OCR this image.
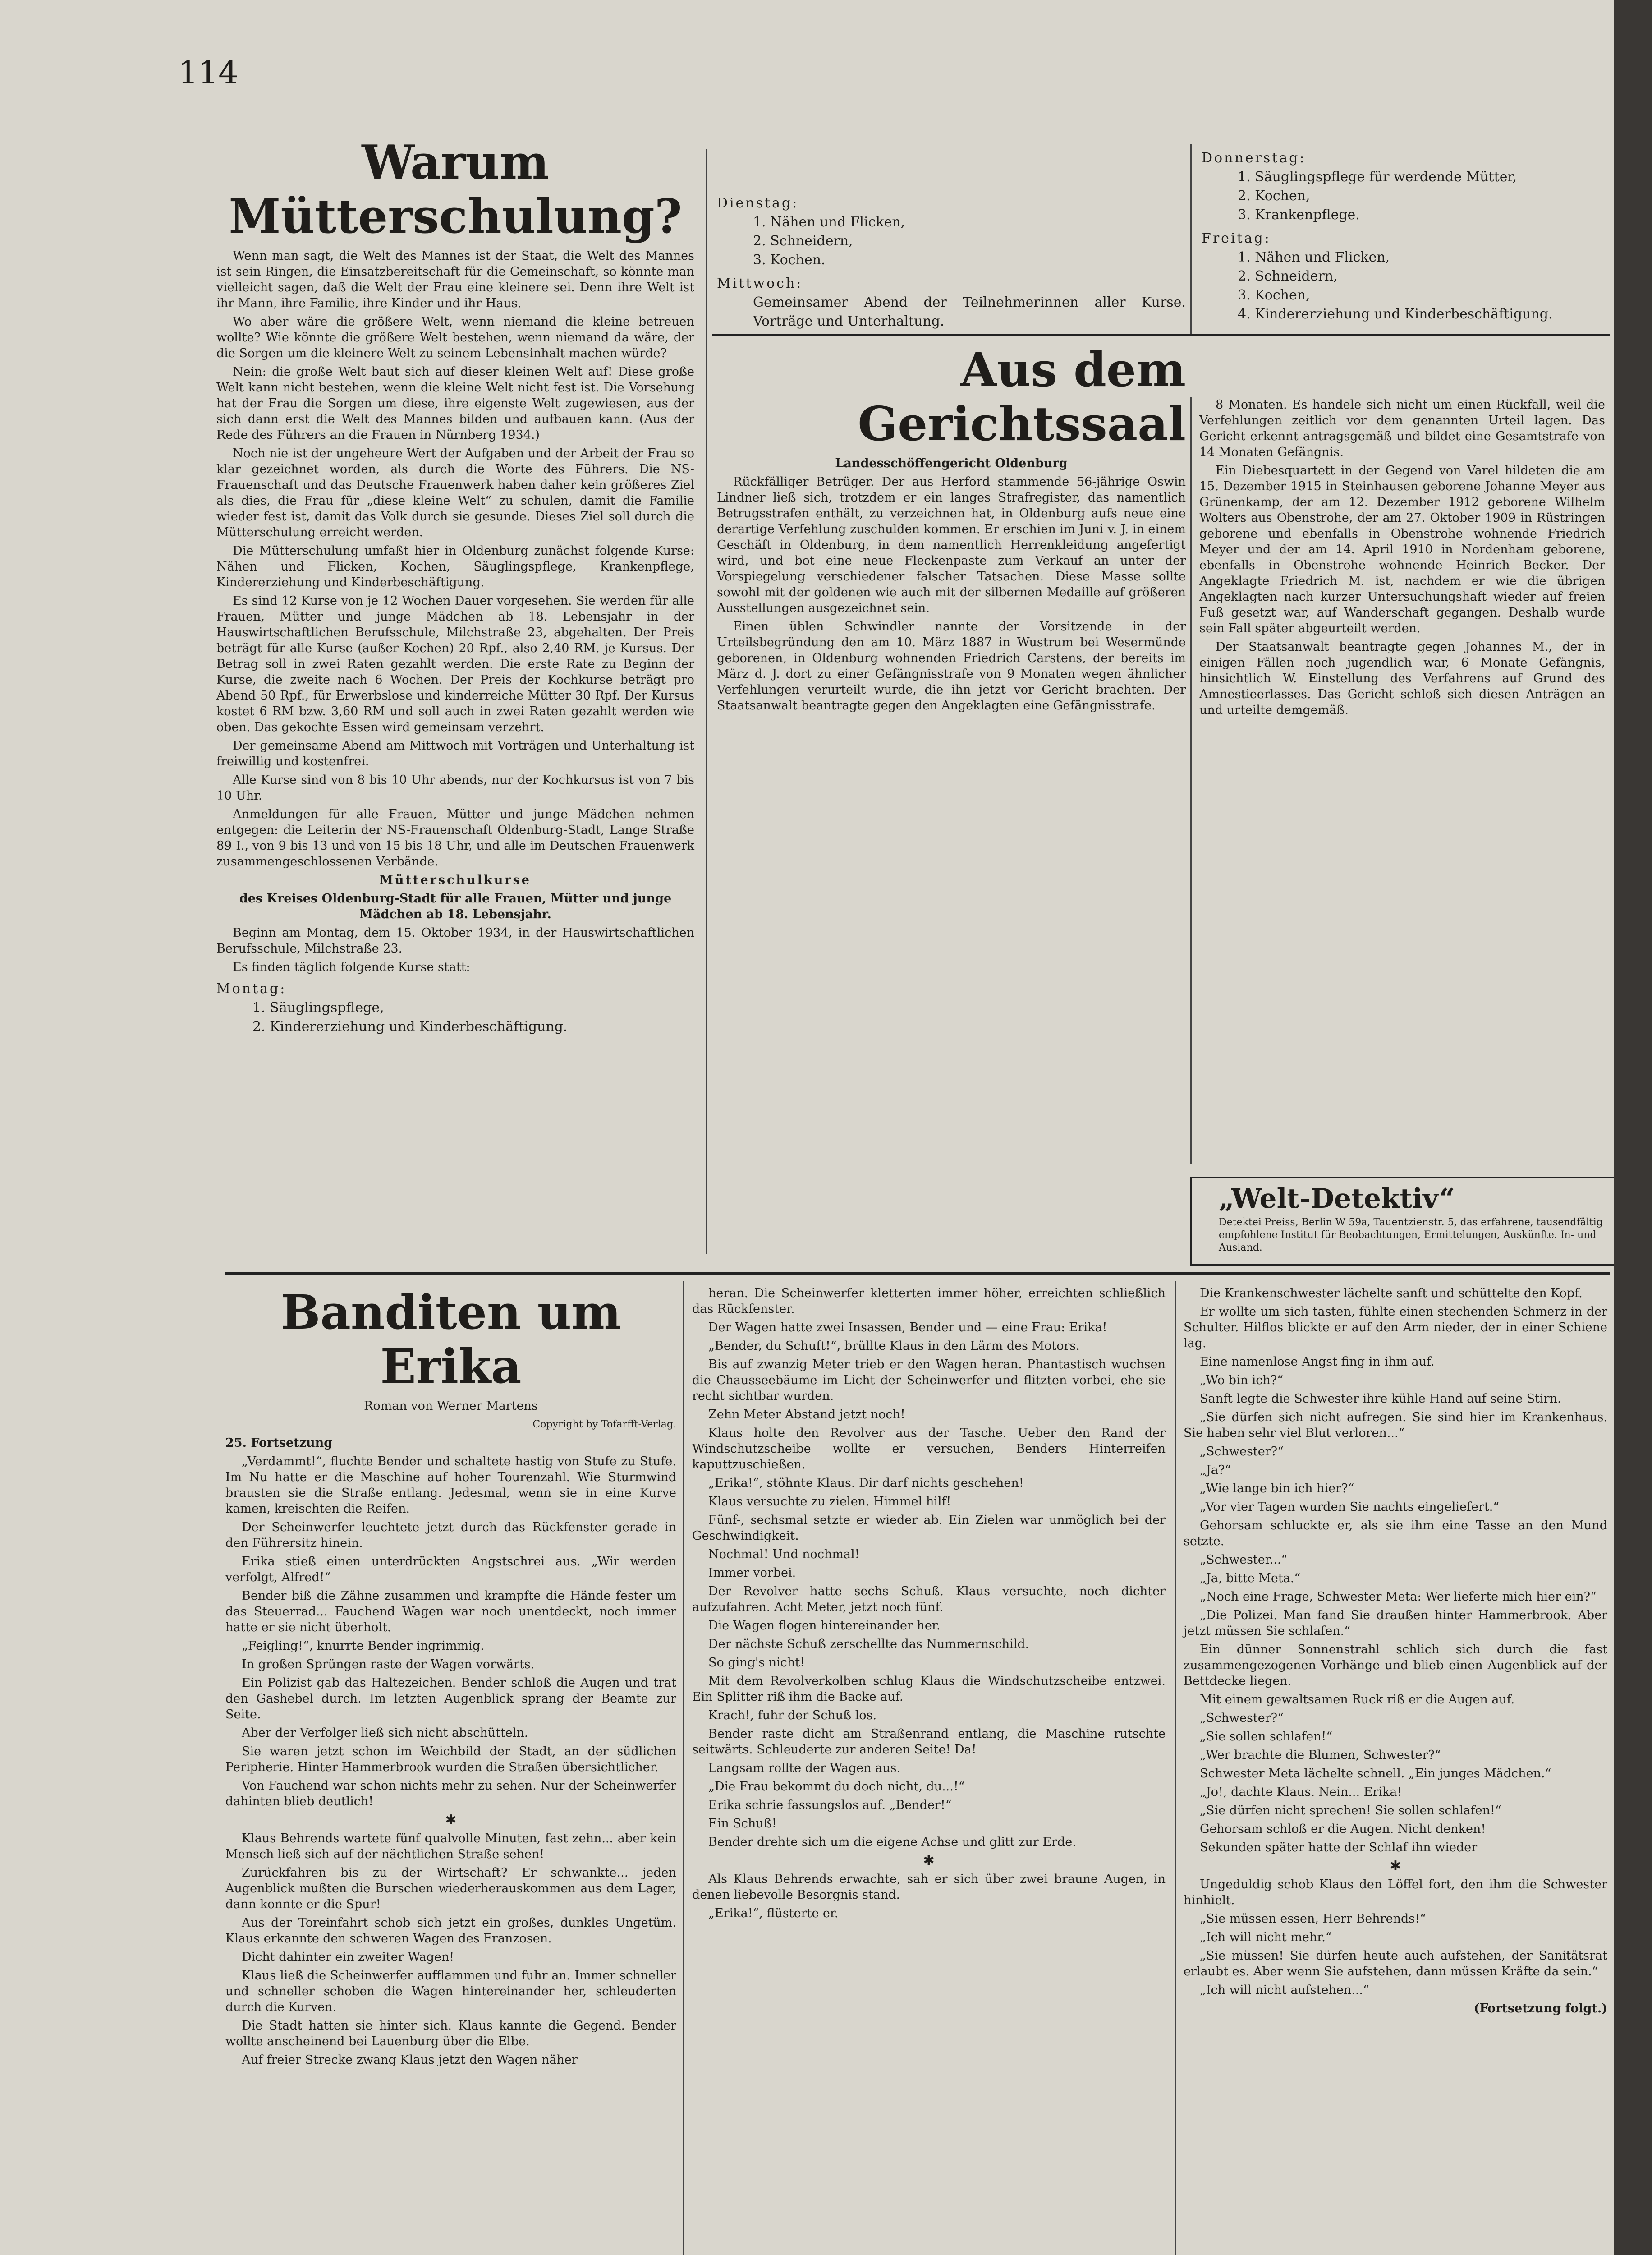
114
Warum Mütterschulung?

Wenn man sagt, die Welt des Mannes ist der Staat, die Welt des Mannes ist sein Ringen, die Einsatzbereitschaft für die Gemeinschaft, so könnte man vielleicht sagen, daß die Welt der Frau eine kleinere sei. Denn ihre Welt ist ihr Mann, ihre Familie, ihre Kinder und ihr Haus.

Wo aber wäre die größere Welt, wenn niemand die kleine betreuen wollte? Wie könnte die größere Welt bestehen, wenn niemand da wäre, der die Sorgen um die kleinere Welt zu seinem Lebensinhalt machen würde?

Nein: die große Welt baut sich auf dieser kleinen Welt auf! Diese große Welt kann nicht bestehen, wenn die kleine Welt nicht fest ist. Die Vorsehung hat der Frau die Sorgen um diese, ihre eigenste Welt zugewiesen, aus der sich dann erst die Welt des Mannes bilden und aufbauen kann. (Aus der Rede des Führers an die Frauen in Nürnberg 1934.)

Noch nie ist der ungeheure Wert der Aufgaben und der Arbeit der Frau so klar gezeichnet worden, als durch die Worte des Führers. Die NS-Frauenschaft und das Deutsche Frauenwerk haben daher kein größeres Ziel als dies, die Frau für „diese kleine Welt“ zu schulen, damit die Familie wieder fest ist, damit das Volk durch sie gesunde. Dieses Ziel soll durch die Mütterschulung erreicht werden.

Die Mütterschulung umfaßt hier in Oldenburg zunächst folgende Kurse: Nähen und Flicken, Kochen, Säuglingspflege, Krankenpflege, Kindererziehung und Kinderbeschäftigung.

Es sind 12 Kurse von je 12 Wochen Dauer vorgesehen. Sie werden für alle Frauen, Mütter und junge Mädchen ab 18. Lebensjahr in der Hauswirtschaftlichen Berufsschule, Milchstraße 23, abgehalten. Der Preis beträgt für alle Kurse (außer Kochen) 20 Rpf., also 2,40 RM. je Kursus. Der Betrag soll in zwei Raten gezahlt werden. Die erste Rate zu Beginn der Kurse, die zweite nach 6 Wochen. Der Preis der Kochkurse beträgt pro Abend 50 Rpf., für Erwerbslose und kinderreiche Mütter 30 Rpf. Der Kursus kostet 6 RM bzw. 3,60 RM und soll auch in zwei Raten gezahlt werden wie oben. Das gekochte Essen wird gemeinsam verzehrt.

Der gemeinsame Abend am Mittwoch mit Vorträgen und Unterhaltung ist freiwillig und kostenfrei.

Alle Kurse sind von 8 bis 10 Uhr abends, nur der Kochkursus ist von 7 bis 10 Uhr.

Anmeldungen für alle Frauen, Mütter und junge Mädchen nehmen entgegen: die Leiterin der NS-Frauenschaft Oldenburg-Stadt, Lange Straße 89 I., von 9 bis 13 und von 15 bis 18 Uhr, und alle im Deutschen Frauenwerk zusammengeschlossenen Verbände.

Mütterschulkurse

des Kreises Oldenburg-Stadt für alle Frauen, Mütter und junge Mädchen ab 18. Lebensjahr.

Beginn am Montag, dem 15. Oktober 1934, in der Hauswirtschaftlichen Berufsschule, Milchstraße 23.

Es finden täglich folgende Kurse statt:

Montag:
1. Säuglingspflege,
2. Kindererziehung und Kinderbeschäftigung.
Dienstag:
1. Nähen und Flicken,
2. Schneidern,
3. Kochen.
Mittwoch:
Gemeinsamer Abend der Teilnehmerinnen aller Kurse. Vorträge und Unterhaltung.
Donnerstag:
1. Säuglingspflege für werdende Mütter,
2. Kochen,
3. Krankenpflege.
Freitag:
1. Nähen und Flicken,
2. Schneidern,
3. Kochen,
4. Kindererziehung und Kinderbeschäftigung.
Aus dem Gerichtssaal

Landesschöffengericht Oldenburg

Rückfälliger Betrüger. Der aus Herford stammende 56-jährige Oswin Lindner ließ sich, trotzdem er ein langes Strafregister, das namentlich Betrugsstrafen enthält, zu verzeichnen hat, in Oldenburg aufs neue eine derartige Verfehlung zuschulden kommen. Er erschien im Juni v. J. in einem Geschäft in Oldenburg, in dem namentlich Herrenkleidung angefertigt wird, und bot eine neue Fleckenpaste zum Verkauf an unter der Vorspiegelung verschiedener falscher Tatsachen. Diese Masse sollte sowohl mit der goldenen wie auch mit der silbernen Medaille auf größeren Ausstellungen ausgezeichnet sein.

Einen üblen Schwindler nannte der Vorsitzende in der Urteilsbegründung den am 10. März 1887 in Wustrum bei Wesermünde geborenen, in Oldenburg wohnenden Friedrich Carstens, der bereits im März d. J. dort zu einer Gefängnisstrafe von 9 Monaten wegen ähnlicher Verfehlungen verurteilt wurde, die ihn jetzt vor Gericht brachten. Der Staatsanwalt beantragte gegen den Angeklagten eine Gefängnisstrafe.

8 Monaten. Es handele sich nicht um einen Rückfall, weil die Verfehlungen zeitlich vor dem genannten Urteil lagen. Das Gericht erkennt antragsgemäß und bildet eine Gesamtstrafe von 14 Monaten Gefängnis.

Ein Diebesquartett in der Gegend von Varel hildeten die am 15. Dezember 1915 in Steinhausen geborene Johanne Meyer aus Grünenkamp, der am 12. Dezember 1912 geborene Wilhelm Wolters aus Obenstrohe, der am 27. Oktober 1909 in Rüstringen geborene und ebenfalls in Obenstrohe wohnende Friedrich Meyer und der am 14. April 1910 in Nordenham geborene, ebenfalls in Obenstrohe wohnende Heinrich Becker. Der Angeklagte Friedrich M. ist, nachdem er wie die übrigen Angeklagten nach kurzer Untersuchungshaft wieder auf freien Fuß gesetzt war, auf Wanderschaft gegangen. Deshalb wurde sein Fall später abgeurteilt werden.

Der Staatsanwalt beantragte gegen Johannes M., der in einigen Fällen noch jugendlich war, 6 Monate Gefängnis, hinsichtlich W. Einstellung des Verfahrens auf Grund des Amnestieerlasses. Das Gericht schloß sich diesen Anträgen an und urteilte demgemäß.

„Welt-Detektiv“
Detektei Preiss, Berlin W 59a, Tauentzienstr. 5, das erfahrene, tausendfältig empfohlene Institut für Beobachtungen, Ermittelungen, Auskünfte. In- und Ausland.
Banditen um Erika

Roman von Werner Martens

Copyright by Tofarfft-Verlag.

25. Fortsetzung

„Verdammt!“, fluchte Bender und schaltete hastig von Stufe zu Stufe. Im Nu hatte er die Maschine auf hoher Tourenzahl. Wie Sturmwind brausten sie die Straße entlang. Jedesmal, wenn sie in eine Kurve kamen, kreischten die Reifen.

Der Scheinwerfer leuchtete jetzt durch das Rückfenster gerade in den Führersitz hinein.

Erika stieß einen unterdrückten Angstschrei aus. „Wir werden verfolgt, Alfred!“

Bender biß die Zähne zusammen und krampfte die Hände fester um das Steuerrad... Fauchend Wagen war noch unentdeckt, noch immer hatte er sie nicht überholt.

„Feigling!“, knurrte Bender ingrimmig.

In großen Sprüngen raste der Wagen vorwärts.

Ein Polizist gab das Haltezeichen. Bender schloß die Augen und trat den Gashebel durch. Im letzten Augenblick sprang der Beamte zur Seite.

Aber der Verfolger ließ sich nicht abschütteln.

Sie waren jetzt schon im Weichbild der Stadt, an der südlichen Peripherie. Hinter Hammerbrook wurden die Straßen übersichtlicher.

Von Fauchend war schon nichts mehr zu sehen. Nur der Scheinwerfer dahinten blieb deutlich!

✱

Klaus Behrends wartete fünf qualvolle Minuten, fast zehn... aber kein Mensch ließ sich auf der nächtlichen Straße sehen!

Zurückfahren bis zu der Wirtschaft? Er schwankte... jeden Augenblick mußten die Burschen wiederherauskommen aus dem Lager, dann konnte er die Spur!

Aus der Toreinfahrt schob sich jetzt ein großes, dunkles Ungetüm. Klaus erkannte den schweren Wagen des Franzosen.

Dicht dahinter ein zweiter Wagen!

Klaus ließ die Scheinwerfer aufflammen und fuhr an. Immer schneller und schneller schoben die Wagen hintereinander her, schleuderten durch die Kurven.

Die Stadt hatten sie hinter sich. Klaus kannte die Gegend. Bender wollte anscheinend bei Lauenburg über die Elbe.

Auf freier Strecke zwang Klaus jetzt den Wagen näher

heran. Die Scheinwerfer kletterten immer höher, erreichten schließlich das Rückfenster.

Der Wagen hatte zwei Insassen, Bender und — eine Frau: Erika!

„Bender, du Schuft!“, brüllte Klaus in den Lärm des Motors.

Bis auf zwanzig Meter trieb er den Wagen heran. Phantastisch wuchsen die Chausseebäume im Licht der Scheinwerfer und flitzten vorbei, ehe sie recht sichtbar wurden.

Zehn Meter Abstand jetzt noch!

Klaus holte den Revolver aus der Tasche. Ueber den Rand der Windschutzscheibe wollte er versuchen, Benders Hinterreifen kaputtzuschießen.

„Erika!“, stöhnte Klaus. Dir darf nichts geschehen!

Klaus versuchte zu zielen. Himmel hilf!

Fünf-, sechsmal setzte er wieder ab. Ein Zielen war unmöglich bei der Geschwindigkeit.

Nochmal! Und nochmal!

Immer vorbei.

Der Revolver hatte sechs Schuß. Klaus versuchte, noch dichter aufzufahren. Acht Meter, jetzt noch fünf.

Die Wagen flogen hintereinander her.

Der nächste Schuß zerschellte das Nummernschild.

So ging's nicht!

Mit dem Revolverkolben schlug Klaus die Windschutzscheibe entzwei. Ein Splitter riß ihm die Backe auf.

Krach!, fuhr der Schuß los.

Bender raste dicht am Straßenrand entlang, die Maschine rutschte seitwärts. Schleuderte zur anderen Seite! Da!

Langsam rollte der Wagen aus.

„Die Frau bekommt du doch nicht, du...!“

Erika schrie fassungslos auf. „Bender!“

Ein Schuß!

Bender drehte sich um die eigene Achse und glitt zur Erde.

✱

Als Klaus Behrends erwachte, sah er sich über zwei braune Augen, in denen liebevolle Besorgnis stand.

„Erika!“, flüsterte er.

Die Krankenschwester lächelte sanft und schüttelte den Kopf.

Er wollte um sich tasten, fühlte einen stechenden Schmerz in der Schulter. Hilflos blickte er auf den Arm nieder, der in einer Schiene lag.

Eine namenlose Angst fing in ihm auf.

„Wo bin ich?“

Sanft legte die Schwester ihre kühle Hand auf seine Stirn.

„Sie dürfen sich nicht aufregen. Sie sind hier im Krankenhaus. Sie haben sehr viel Blut verloren...“

„Schwester?“

„Ja?“

„Wie lange bin ich hier?“

„Vor vier Tagen wurden Sie nachts eingeliefert.“

Gehorsam schluckte er, als sie ihm eine Tasse an den Mund setzte.

„Schwester...“

„Ja, bitte Meta.“

„Noch eine Frage, Schwester Meta: Wer lieferte mich hier ein?“

„Die Polizei. Man fand Sie draußen hinter Hammerbrook. Aber jetzt müssen Sie schlafen.“

Ein dünner Sonnenstrahl schlich sich durch die fast zusammengezogenen Vorhänge und blieb einen Augenblick auf der Bettdecke liegen.

Mit einem gewaltsamen Ruck riß er die Augen auf.

„Schwester?“

„Sie sollen schlafen!“

„Wer brachte die Blumen, Schwester?“

Schwester Meta lächelte schnell. „Ein junges Mädchen.“

„Jo!, dachte Klaus. Nein... Erika!

„Sie dürfen nicht sprechen! Sie sollen schlafen!“

Gehorsam schloß er die Augen. Nicht denken!

Sekunden später hatte der Schlaf ihn wieder

✱

Ungeduldig schob Klaus den Löffel fort, den ihm die Schwester hinhielt.

„Sie müssen essen, Herr Behrends!“

„Ich will nicht mehr.“

„Sie müssen! Sie dürfen heute auch aufstehen, der Sanitätsrat erlaubt es. Aber wenn Sie aufstehen, dann müssen Kräfte da sein.“

„Ich will nicht aufstehen...“

(Fortsetzung folgt.)
